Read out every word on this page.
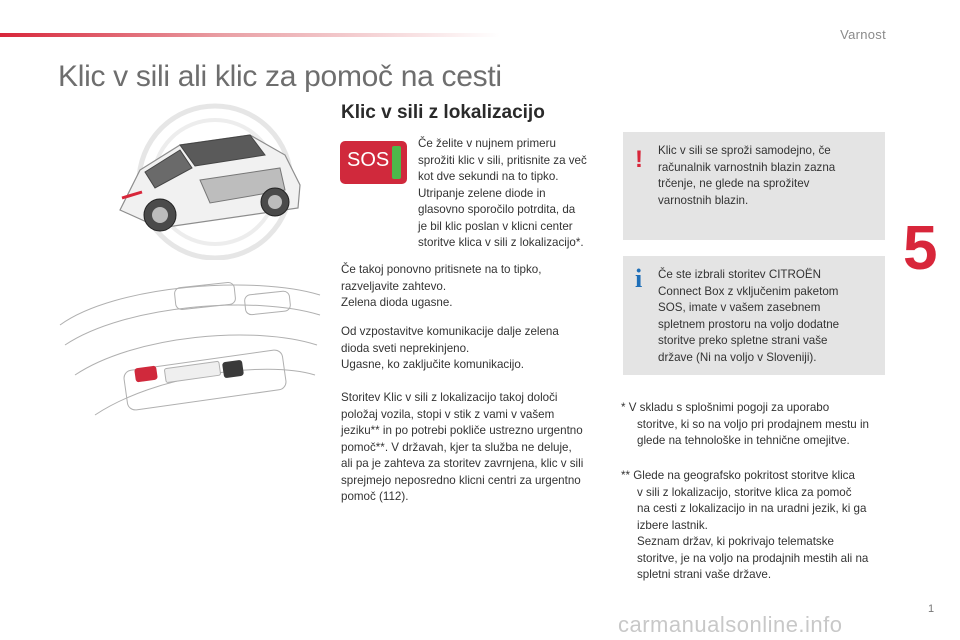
Varnost
Klic v sili ali klic za pomoč na cesti
Klic v sili z lokalizacijo
5
SOS

Če želite v nujnem primeru
sprožiti klic v sili, pritisnite za več
kot dve sekundi na to tipko.
Utripanje zelene diode in
glasovno sporočilo potrdita, da
je bil klic poslan v klicni center
storitve klica v sili z lokalizacijo*.

Če takoj ponovno pritisnete na to tipko,
razveljavite zahtevo.
Zelena dioda ugasne.

Od vzpostavitve komunikacije dalje zelena
dioda sveti neprekinjeno.
Ugasne, ko zaključite komunikacijo.

Storitev Klic v sili z lokalizacijo takoj določi
položaj vozila, stopi v stik z vami v vašem
jeziku** in po potrebi pokliče ustrezno urgentno
pomoč**. V državah, kjer ta služba ne deluje,
ali pa je zahteva za storitev zavrnjena, klic v sili
sprejmejo neposredno klicni centri za urgentno
pomoč (112).

! Klic v sili se sproži samodejno, če
računalnik varnostnih blazin zazna
trčenje, ne glede na sprožitev
varnostnih blazin.

i Če ste izbrali storitev CITROËN
Connect Box z vključenim paketom
SOS, imate v vašem zasebnem
spletnem prostoru na voljo dodatne
storitve preko spletne strani vaše
države (Ni na voljo v Sloveniji).

* V skladu s splošnimi pogoji za uporabo
storitve, ki so na voljo pri prodajnem mestu in
glede na tehnološke in tehnične omejitve.

** Glede na geografsko pokritost storitve klica
v sili z lokalizacijo, storitve klica za pomoč
na cesti z lokalizacijo in na uradni jezik, ki ga
izbere lastnik.
Seznam držav, ki pokrivajo telematske
storitve, je na voljo na prodajnih mestih ali na
spletni strani vaše države.

1
carmanualsonline.info
